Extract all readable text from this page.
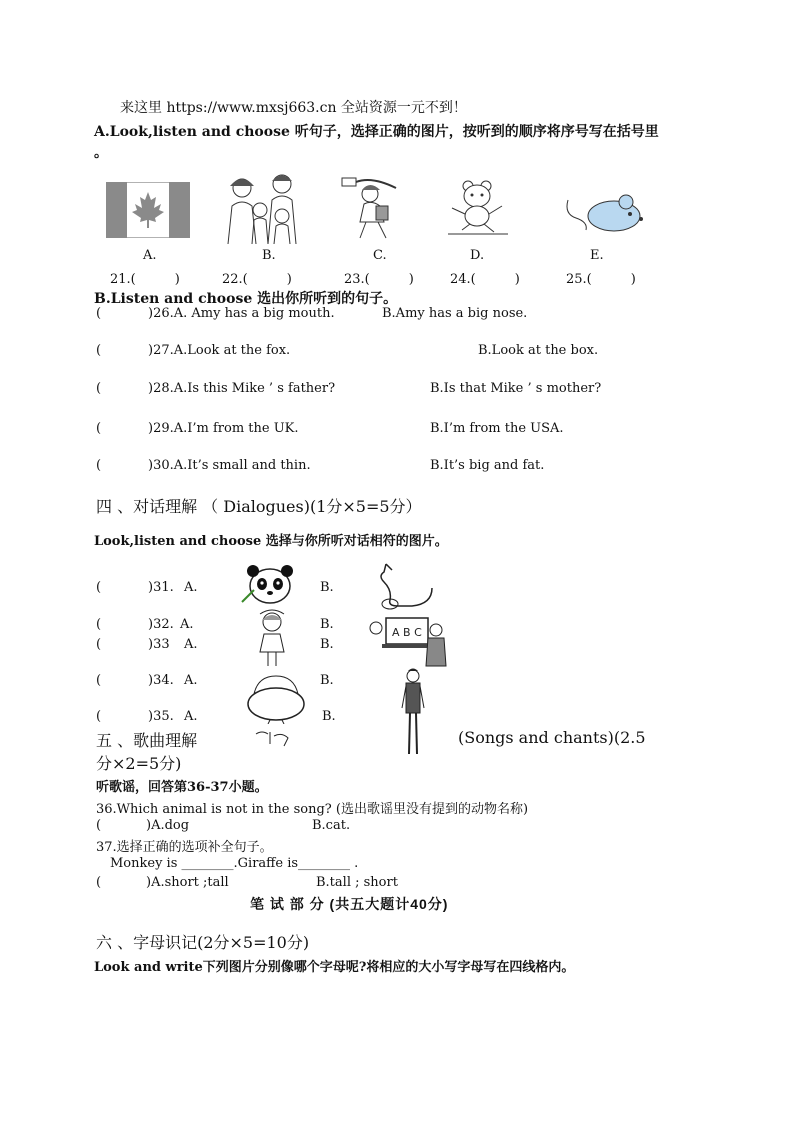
来这里 https://www.mxsj663.cn 全站资源一元不到！
A.Look,listen and choose 听句子，选择正确的图片，按听到的顺序将序号写在括号里
。
A.	B.	C.	D.	E.
21.(　　　)	22.(　　　)	23.(　　　)	24.(　　　)	25.(　　　)
B.Listen and choose 选出你所听到的句子。
(	)26.A. Amy has a big mouth.	B.Amy has a big nose.
(	)27.A.Look at the fox.	B.Look at the box.
(	)28.A.Is this Mike ’ s father?	B.Is that Mike ’ s mother?
(	)29.A.I’m from the UK.	B.I’m from the USA.
(	)30.A.It’s small and thin.	B.It’s big and fat.
四 、对话理解 （ Dialogues)(1分×5=5分）
Look,listen and choose 选择与你所听对话相符的图片。
(	)31. A.	B.
(	)32. A.	B.
(	)33 A.	B.
(	)34. A.	B.
(	)35. A.	B.
A B C
五 、歌曲理解	(Songs and chants)(2.5
分×2=5分)
听歌谣，回答第36-37小题。
36.Which animal is not in the song? (选出歌谣里没有提到的动物名称)
(	)A.dog	B.cat.
37.选择正确的选项补全句子。
Monkey is ________.Giraffe is________ .
(	)A.short ;tall	B.tall ; short
笔 试 部 分 (共五大题计40分)
六 、字母识记(2分×5=10分)
Look and write下列图片分别像哪个字母呢?将相应的大小写字母写在四线格内。
